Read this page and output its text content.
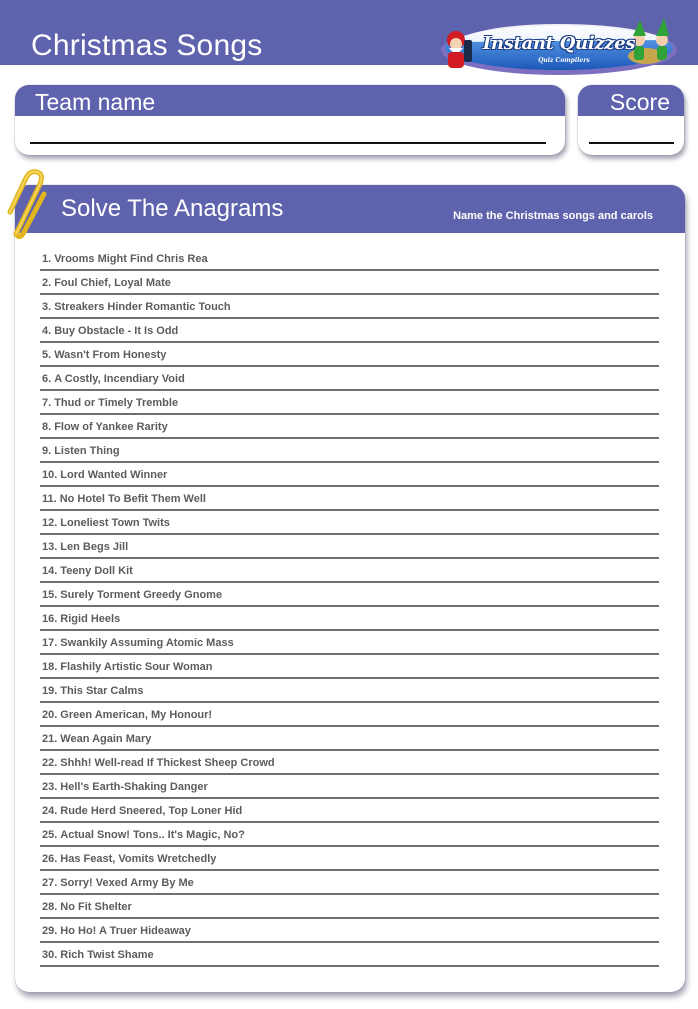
Christmas Songs	Instant Quizzes
Quiz Compilers
Team name	Score
Solve The Anagrams	Name the Christmas songs and carols
1. Vrooms Might Find Chris Rea
2. Foul Chief, Loyal Mate
3. Streakers Hinder Romantic Touch
4. Buy Obstacle - It Is Odd
5. Wasn't From Honesty
6. A Costly, Incendiary Void
7. Thud or Timely Tremble
8. Flow of Yankee Rarity
9. Listen Thing
10. Lord Wanted Winner
11. No Hotel To Befit Them Well
12. Loneliest Town Twits
13. Len Begs Jill
14. Teeny Doll Kit
15. Surely Torment Greedy Gnome
16. Rigid Heels
17. Swankily Assuming Atomic Mass
18. Flashily Artistic Sour Woman
19. This Star Calms
20. Green American, My Honour!
21. Wean Again Mary
22. Shhh! Well-read If Thickest Sheep Crowd
23. Hell's Earth-Shaking Danger
24. Rude Herd Sneered, Top Loner Hid
25. Actual Snow! Tons.. It's Magic, No?
26. Has Feast, Vomits Wretchedly
27. Sorry! Vexed Army By Me
28. No Fit Shelter
29. Ho Ho! A Truer Hideaway
30. Rich Twist Shame
